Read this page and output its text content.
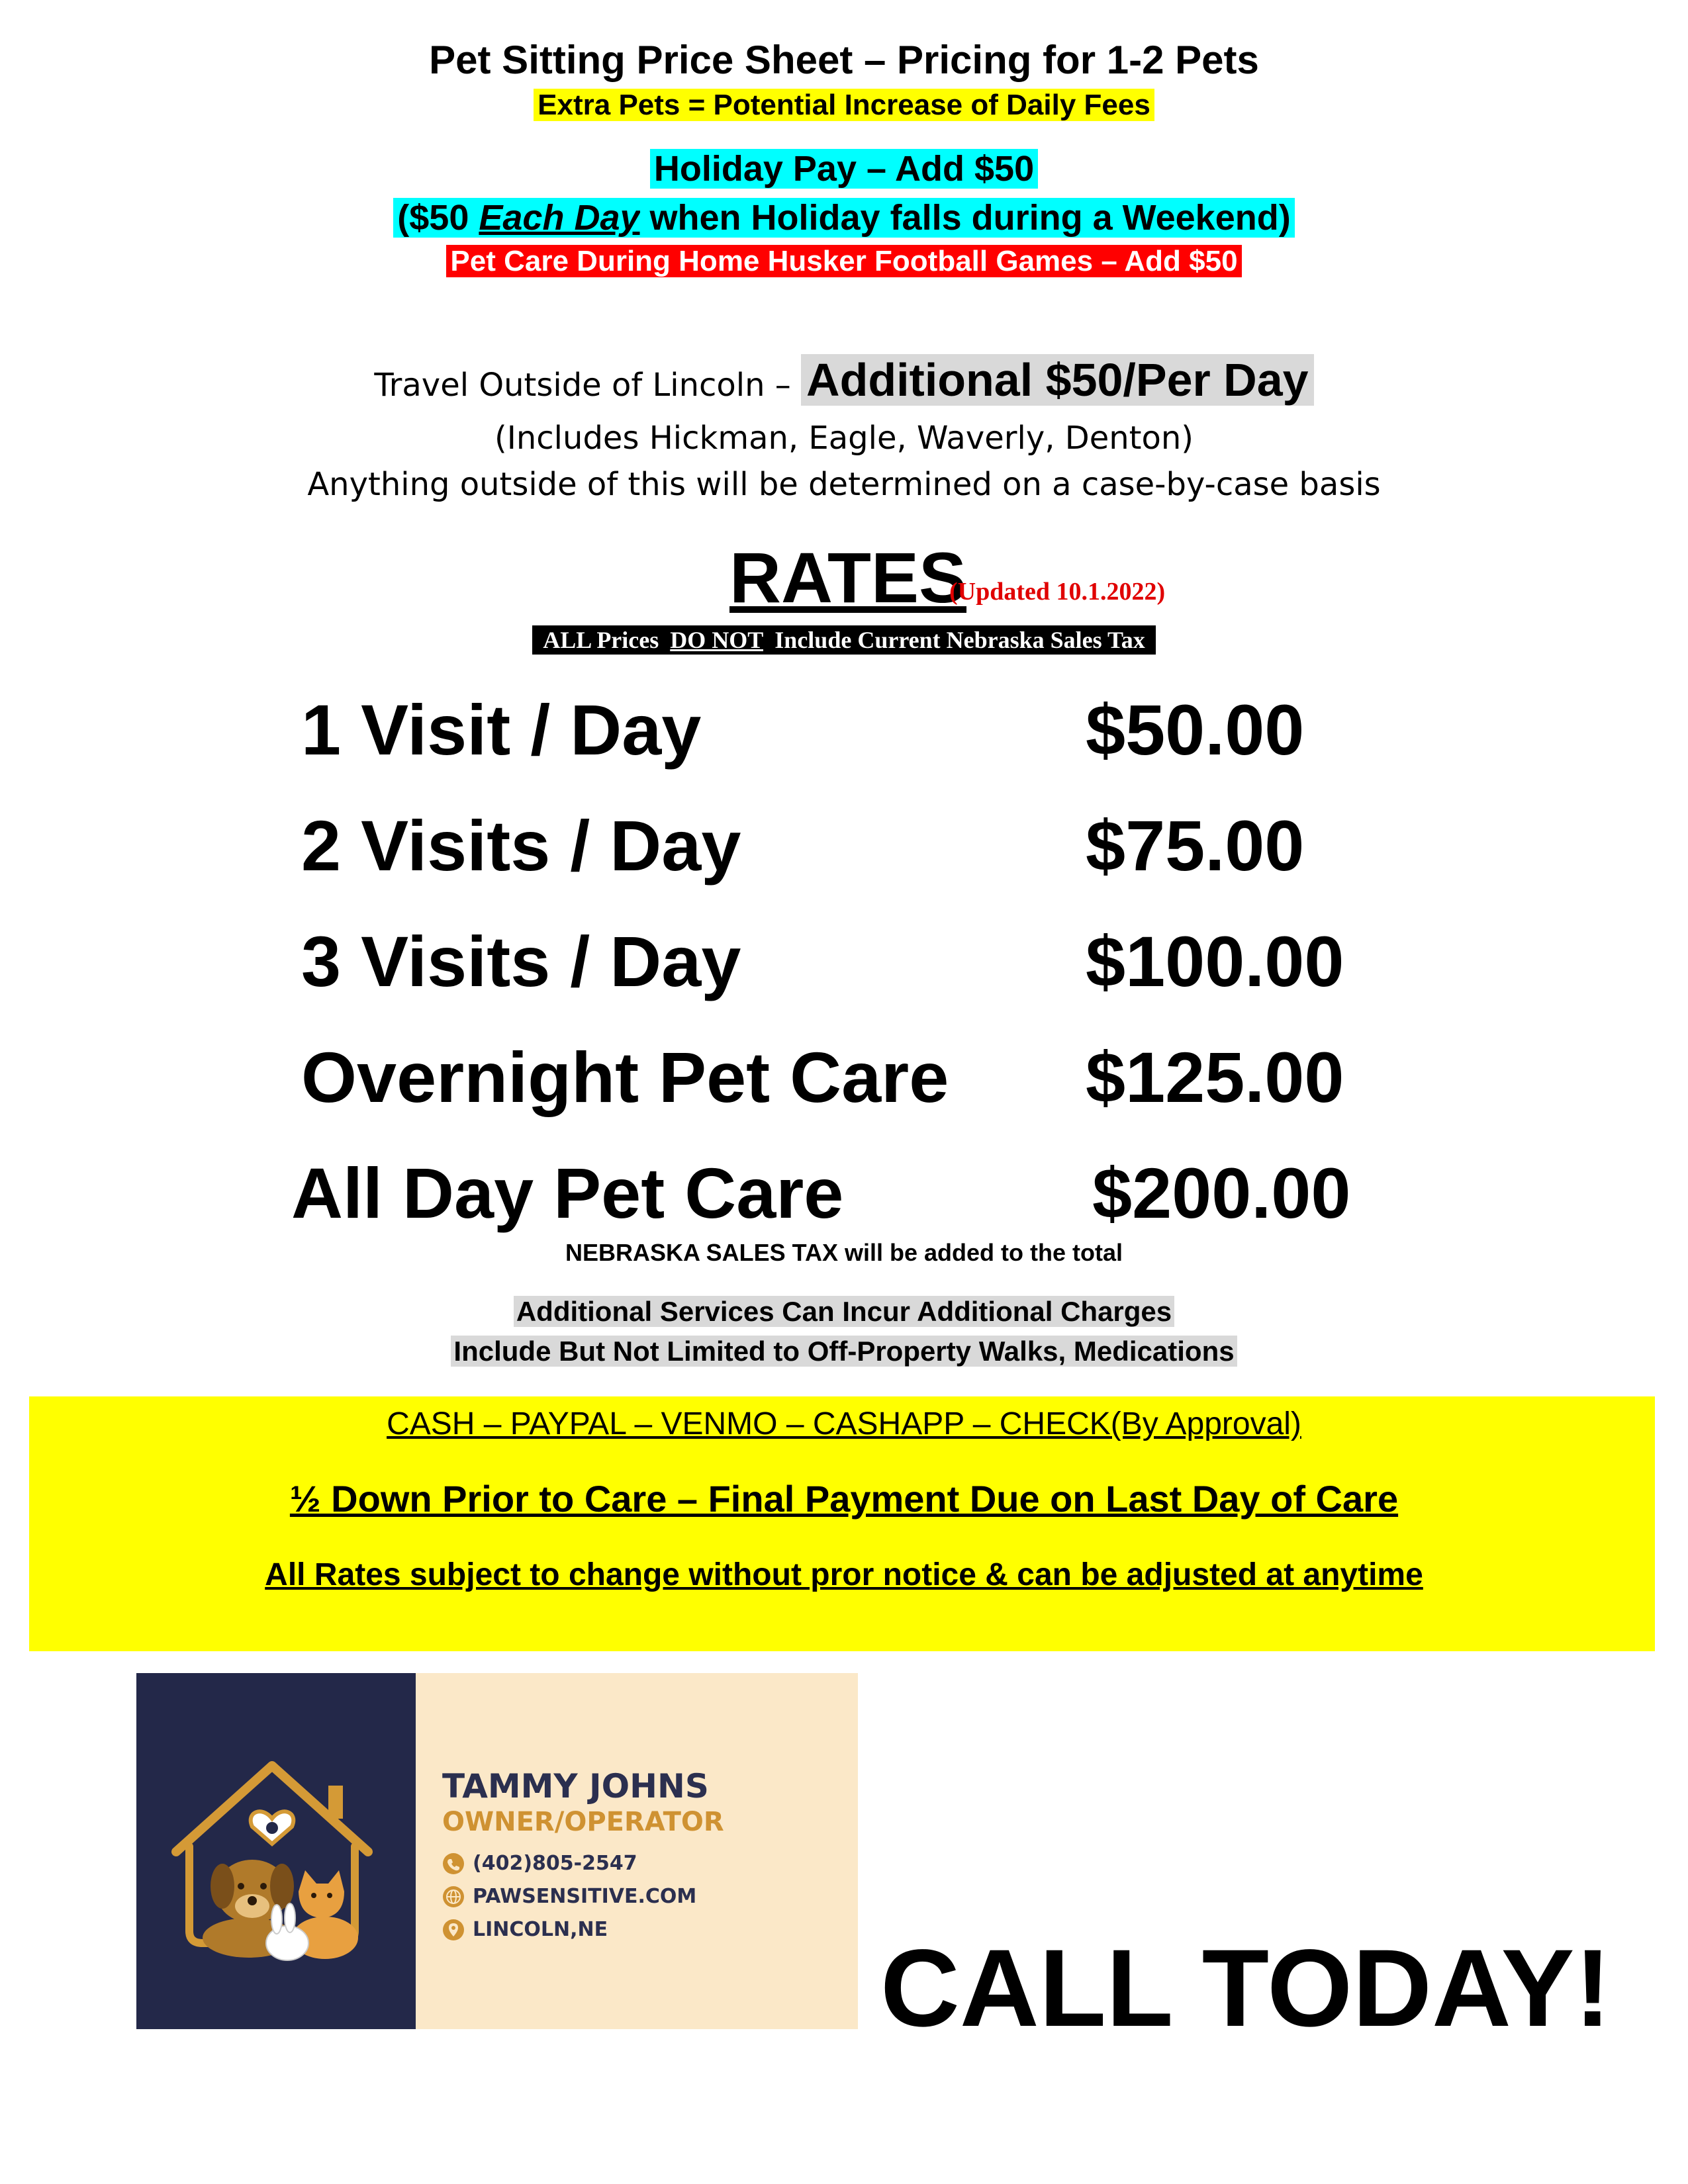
Pet Sitting Price Sheet – Pricing for 1-2 Pets
Extra Pets = Potential Increase of Daily Fees
Holiday Pay – Add $50
($50 Each Day when Holiday falls during a Weekend)
Pet Care During Home Husker Football Games – Add $50
Travel Outside of Lincoln – Additional $50/Per Day
(Includes Hickman, Eagle, Waverly, Denton)
Anything outside of this will be determined on a case-by-case basis
RATES
(Updated 10.1.2022)
ALL Prices DO NOT Include Current Nebraska Sales Tax
1 Visit / Day	$50.00
2 Visits / Day	$75.00
3 Visits / Day	$100.00
Overnight Pet Care $125.00
All Day Pet Care	$200.00
NEBRASKA SALES TAX will be added to the total
Additional Services Can Incur Additional Charges
Include But Not Limited to Off-Property Walks, Medications
CASH – PAYPAL – VENMO – CASHAPP – CHECK(By Approval)
½ Down Prior to Care – Final Payment Due on Last Day of Care
All Rates subject to change without pror notice & can be adjusted at anytime
TAMMY JOHNS
OWNER/OPERATOR
(402)805-2547
PAWSENSITIVE.COM
LINCOLN,NE CALL TODAY!
